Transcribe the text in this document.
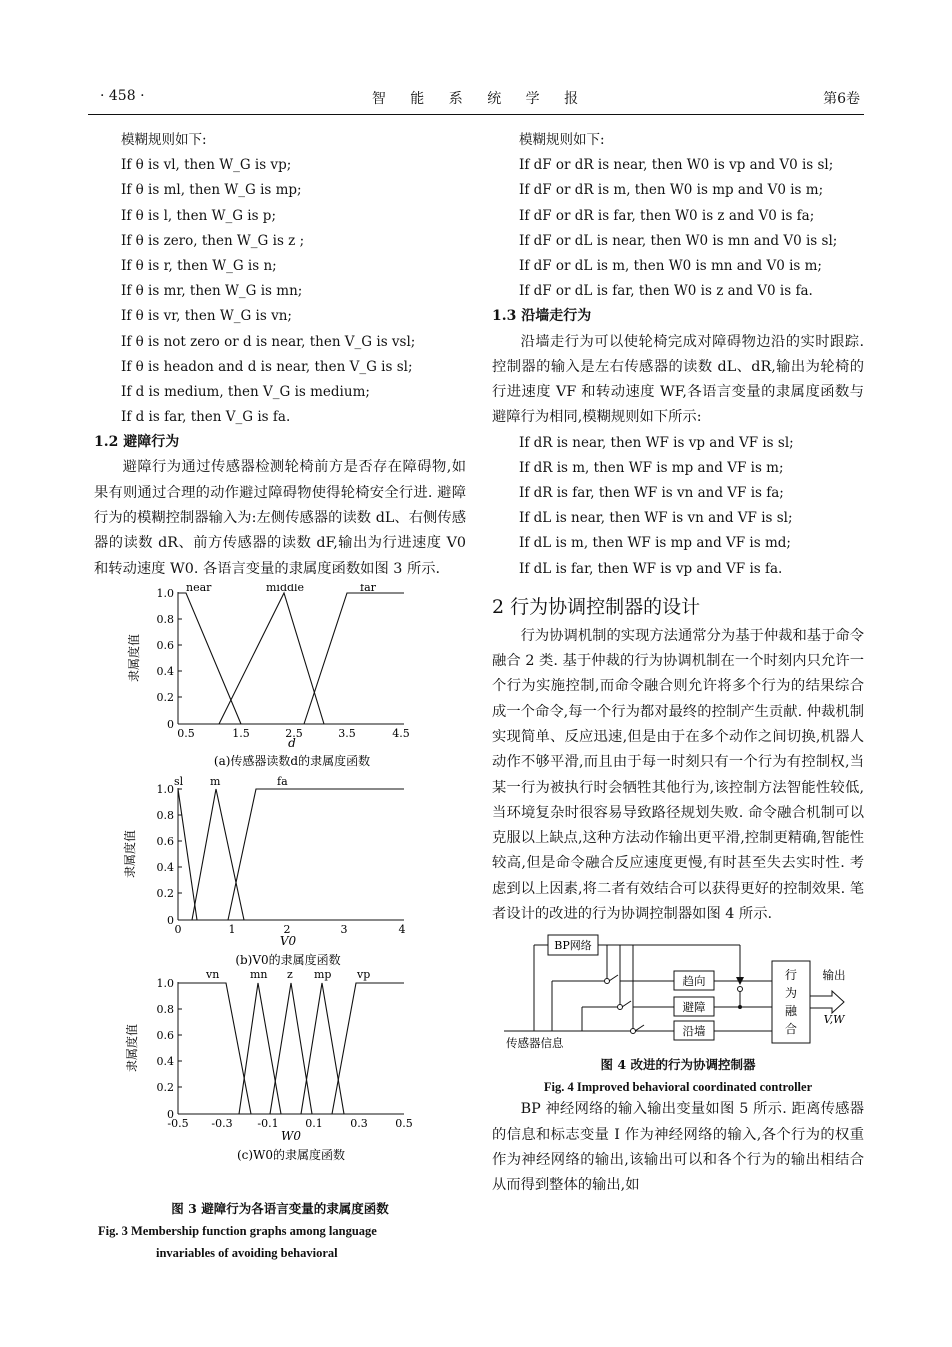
· 458 ·	智 能 系 统 学 报	第6卷
模糊规则如下:
If θ is vl, then W_G is vp;
If θ is ml, then W_G is mp;
If θ is l, then W_G is p;
If θ is zero, then W_G is z ;
If θ is r, then W_G is n;
If θ is mr, then W_G is mn;
If θ is vr, then W_G is vn;
If θ is not zero or d is near, then V_G is vsl;
If θ is headon and d is near, then V_G is sl;
If d is medium, then V_G is medium;
If d is far, then V_G is fa.
1.2 避障行为

避障行为通过传感器检测轮椅前方是否存在障碍物,如果有则通过合理的动作避过障碍物使得轮椅安全行进. 避障行为的模糊控制器输入为:左侧传感器的读数 dL、右侧传感器的读数 dR、前方传感器的读数 dF,输出为行进速度 V0 和转动速度 W0. 各语言变量的隶属度函数如图 3 所示.

0
0.2
0.4
0.6
0.8
1.0
隶属度值
0.5	1.5	2.5	3.5	4.5
d
near	middle	far
(a)传感器读数d的隶属度函数
0
0.2
0.4
0.6
0.8
1.0
隶属度值
0	1	2	3	4
V0
sl m	fa
(b)V0的隶属度函数
0
0.2
0.4
0.6
0.8
1.0
隶属度值
-0.5 -0.3 -0.1 0.1	0.3	0.5
W0
vn	mn z mp vp
(c)W0的隶属度函数
图 3 避障行为各语言变量的隶属度函数
Fig. 3 Membership function graphs among language
invariables of avoiding behavioral
模糊规则如下:
If dF or dR is near, then W0 is vp and V0 is sl;
If dF or dR is m, then W0 is mp and V0 is m;
If dF or dR is far, then W0 is z and V0 is fa;
If dF or dL is near, then W0 is mn and V0 is sl;
If dF or dL is m, then W0 is mn and V0 is m;
If dF or dL is far, then W0 is z and V0 is fa.
1.3 沿墙走行为

沿墙走行为可以使轮椅完成对障碍物边沿的实时跟踪. 控制器的输入是左右传感器的读数 dL、dR,输出为轮椅的行进速度 VF 和转动速度 WF,各语言变量的隶属度函数与避障行为相同,模糊规则如下所示:

If dR is near, then WF is vp and VF is sl;
If dR is m, then WF is mp and VF is m;
If dR is far, then WF is vn and VF is fa;
If dL is near, then WF is vn and VF is sl;
If dL is m, then WF is mp and VF is md;
If dL is far, then WF is vp and VF is fa.
2 行为协调控制器的设计

行为协调机制的实现方法通常分为基于仲裁和基于命令融合 2 类. 基于仲裁的行为协调机制在一个时刻内只允许一个行为实施控制,而命令融合则允许将多个行为的结果综合成一个命令,每一个行为都对最终的控制产生贡献. 仲裁机制实现简单、反应迅速,但是由于在多个动作之间切换,机器人动作不够平滑,而且由于每一时刻只有一个行为有控制权,当某一行为被执行时会牺牲其他行为,该控制方法智能性较低,当环境复杂时很容易导致路径规划失败. 命令融合机制可以克服以上缺点,这种方法动作输出更平滑,控制更精确,智能性较高,但是命令融合反应速度更慢,有时甚至失去实时性. 考虑到以上因素,将二者有效结合可以获得更好的控制效果. 笔者设计的改进的行为协调控制器如图 4 所示.

BP网络
趋向
避障
沿墙
行
为
融
合
输出
V,W
传感器信息
图 4 改进的行为协调控制器
Fig. 4 Improved behavioral coordinated controller

BP 神经网络的输入输出变量如图 5 所示. 距离传感器的信息和标志变量 I 作为神经网络的输入,各个行为的权重作为神经网络的输出,该输出可以和各个行为的输出相结合从而得到整体的输出,如
